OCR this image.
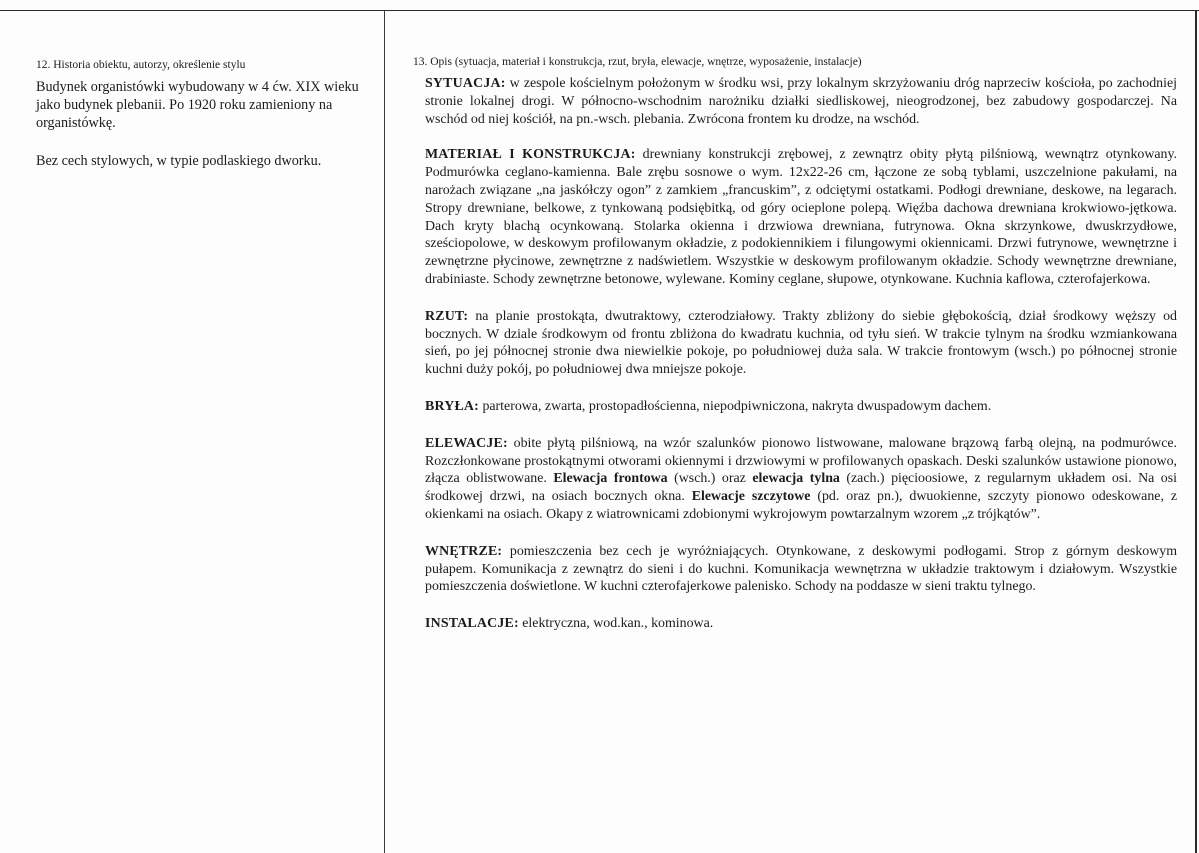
12. Historia obiektu, autorzy, określenie stylu

Budynek organistówki wybudowany w 4 ćw. XIX wieku jako budynek plebanii. Po 1920 roku zamieniony na organistówkę.

Bez cech stylowych, w typie podlaskiego dworku.

13. Opis (sytuacja, materiał i konstrukcja, rzut, bryła, elewacje, wnętrze, wyposażenie, instalacje)

SYTUACJA: w zespole kościelnym położonym w środku wsi, przy lokalnym skrzyżowaniu dróg naprzeciw kościoła, po zachodniej stronie lokalnej drogi. W północno-wschodnim narożniku działki siedliskowej, nieogrodzonej, bez zabudowy gospodarczej. Na wschód od niej kościół, na pn.-wsch. plebania. Zwrócona frontem ku drodze, na wschód.

MATERIAŁ I KONSTRUKCJA: drewniany konstrukcji zrębowej, z zewnątrz obity płytą pilśniową, wewnątrz otynkowany. Podmurówka ceglano-kamienna. Bale zrębu sosnowe o wym. 12x22-26 cm, łączone ze sobą tyblami, uszczelnione pakułami, na narożach związane „na jaskółczy ogon” z zamkiem „francuskim”, z odciętymi ostatkami. Podłogi drewniane, deskowe, na legarach. Stropy drewniane, belkowe, z tynkowaną podsiębitką, od góry ocieplone polepą. Więźba dachowa drewniana krokwiowo-jętkowa. Dach kryty blachą ocynkowaną. Stolarka okienna i drzwiowa drewniana, futrynowa. Okna skrzynkowe, dwuskrzydłowe, sześciopolowe, w deskowym profilowanym okładzie, z podokiennikiem i filungowymi okiennicami. Drzwi futrynowe, wewnętrzne i zewnętrzne płycinowe, zewnętrzne z nadświetlem. Wszystkie w deskowym profilowanym okładzie. Schody wewnętrzne drewniane, drabiniaste. Schody zewnętrzne betonowe, wylewane. Kominy ceglane, słupowe, otynkowane. Kuchnia kaflowa, czterofajerkowa.

RZUT: na planie prostokąta, dwutraktowy, czterodziałowy. Trakty zbliżony do siebie głębokością, dział środkowy węższy od bocznych. W dziale środkowym od frontu zbliżona do kwadratu kuchnia, od tyłu sień. W trakcie tylnym na środku wzmiankowana sień, po jej północnej stronie dwa niewielkie pokoje, po południowej duża sala. W trakcie frontowym (wsch.) po północnej stronie kuchni duży pokój, po południowej dwa mniejsze pokoje.

BRYŁA: parterowa, zwarta, prostopadłościenna, niepodpiwniczona, nakryta dwuspadowym dachem.

ELEWACJE: obite płytą pilśniową, na wzór szalunków pionowo listwowane, malowane brązową farbą olejną, na podmurówce. Rozczłonkowane prostokątnymi otworami okiennymi i drzwiowymi w profilowanych opaskach. Deski szalunków ustawione pionowo, złącza oblistwowane. Elewacja frontowa (wsch.) oraz elewacja tylna (zach.) pięcioosiowe, z regularnym układem osi. Na osi środkowej drzwi, na osiach bocznych okna. Elewacje szczytowe (pd. oraz pn.), dwuokienne, szczyty pionowo odeskowane, z okienkami na osiach. Okapy z wiatrownicami zdobionymi wykrojowym powtarzalnym wzorem „z trójkątów”.

WNĘTRZE: pomieszczenia bez cech je wyróżniających. Otynkowane, z deskowymi podłogami. Strop z górnym deskowym pułapem. Komunikacja z zewnątrz do sieni i do kuchni. Komunikacja wewnętrzna w układzie traktowym i działowym. Wszystkie pomieszczenia doświetlone. W kuchni czterofajerkowe palenisko. Schody na poddasze w sieni traktu tylnego.

INSTALACJE: elektryczna, wod.kan., kominowa.
